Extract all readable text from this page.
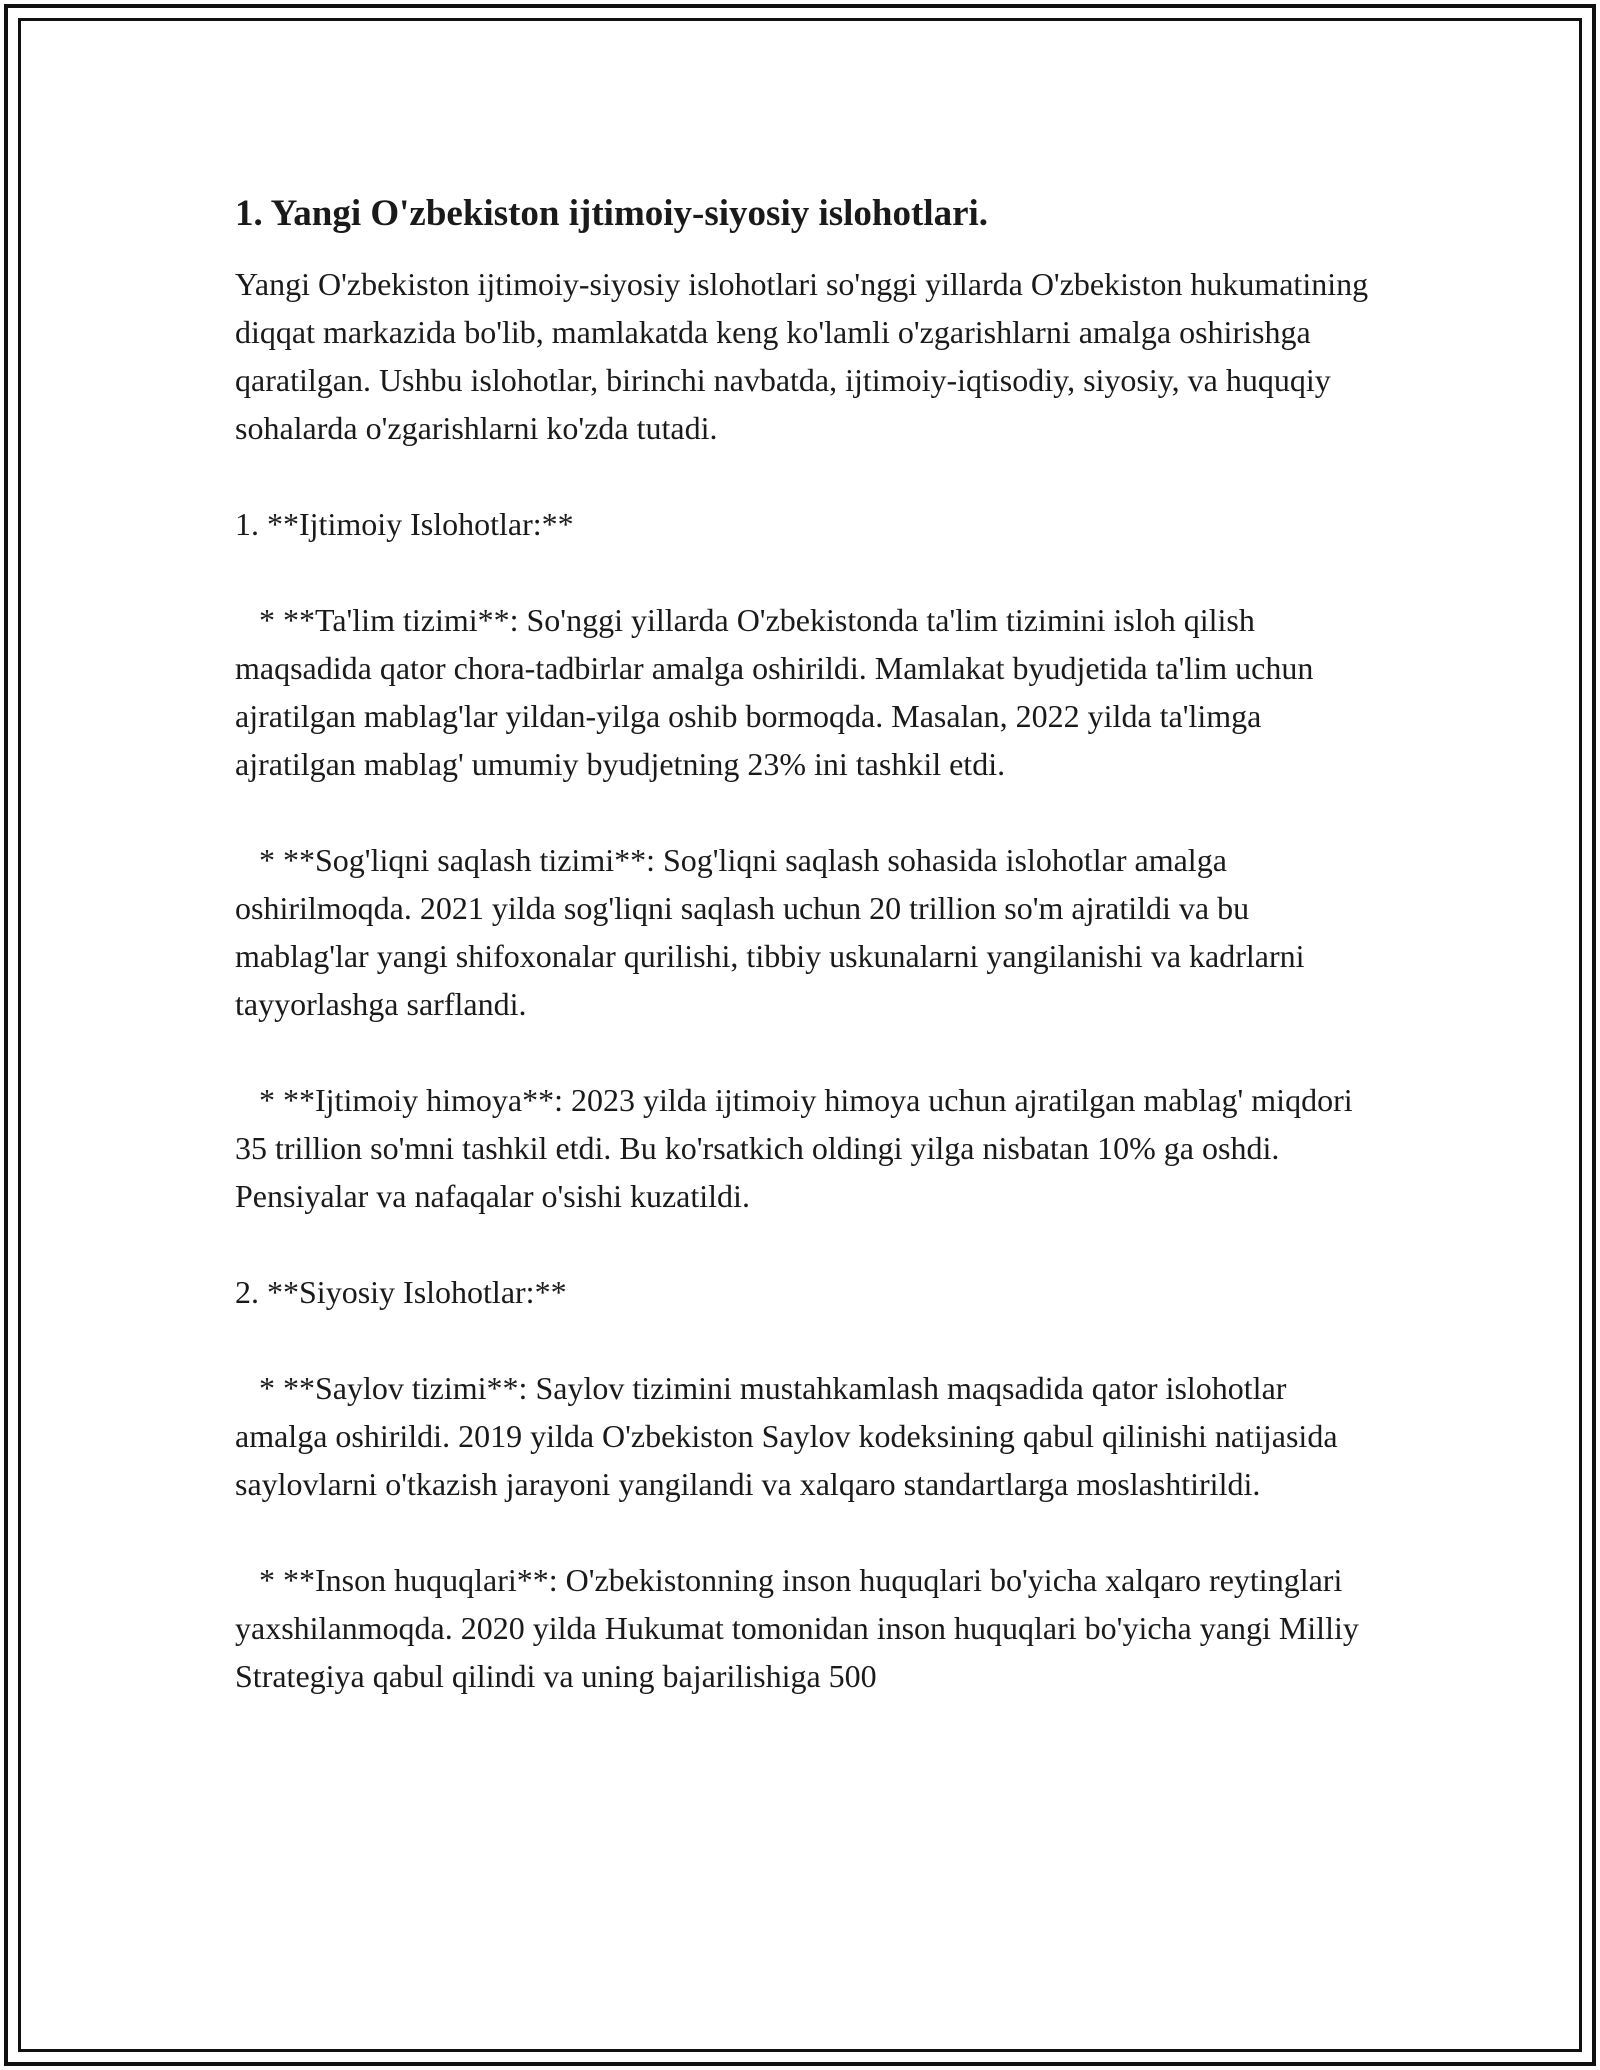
1. Yangi O'zbekiston ijtimoiy-siyosiy islohotlari.

Yangi O'zbekiston ijtimoiy-siyosiy islohotlari so'nggi yillarda O'zbekiston hukumatining diqqat markazida bo'lib, mamlakatda keng ko'lamli o'zgarishlarni amalga oshirishga qaratilgan. Ushbu islohotlar, birinchi navbatda, ijtimoiy-iqtisodiy, siyosiy, va huquqiy sohalarda o'zgarishlarni ko'zda tutadi.

1. **Ijtimoiy Islohotlar:**

* **Ta'lim tizimi**: So'nggi yillarda O'zbekistonda ta'lim tizimini isloh qilish maqsadida qator chora-tadbirlar amalga oshirildi. Mamlakat byudjetida ta'lim uchun ajratilgan mablag'lar yildan-yilga oshib bormoqda. Masalan, 2022 yilda ta'limga ajratilgan mablag' umumiy byudjetning 23% ini tashkil etdi.

* **Sog'liqni saqlash tizimi**: Sog'liqni saqlash sohasida islohotlar amalga oshirilmoqda. 2021 yilda sog'liqni saqlash uchun 20 trillion so'm ajratildi va bu mablag'lar yangi shifoxonalar qurilishi, tibbiy uskunalarni yangilanishi va kadrlarni tayyorlashga sarflandi.

* **Ijtimoiy himoya**: 2023 yilda ijtimoiy himoya uchun ajratilgan mablag' miqdori 35 trillion so'mni tashkil etdi. Bu ko'rsatkich oldingi yilga nisbatan 10% ga oshdi. Pensiyalar va nafaqalar o'sishi kuzatildi.

2. **Siyosiy Islohotlar:**

* **Saylov tizimi**: Saylov tizimini mustahkamlash maqsadida qator islohotlar amalga oshirildi. 2019 yilda O'zbekiston Saylov kodeksining qabul qilinishi natijasida saylovlarni o'tkazish jarayoni yangilandi va xalqaro standartlarga moslashtirildi.

* **Inson huquqlari**: O'zbekistonning inson huquqlari bo'yicha xalqaro reytinglari yaxshilanmoqda. 2020 yilda Hukumat tomonidan inson huquqlari bo'yicha yangi Milliy Strategiya qabul qilindi va uning bajarilishiga 500
